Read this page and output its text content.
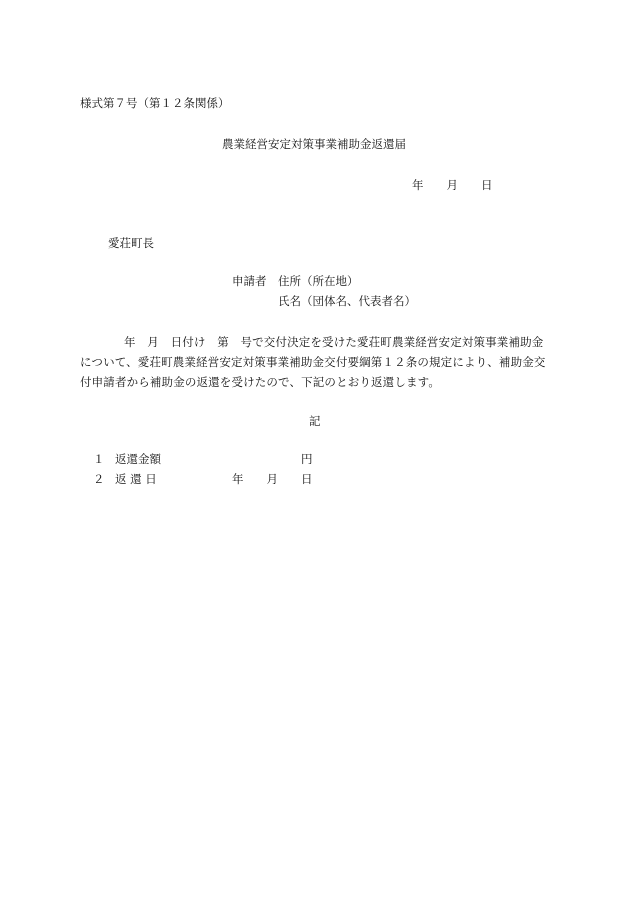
様式第７号（第１２条関係）
農業経営安定対策事業補助金返還届
年　　月　　日
愛荘町長
申請者 住所（所在地）
氏名（団体名、代表者名）
年　月　日付け　第　号で交付決定を受けた愛荘町農業経営安定対策事業補助金
について、愛荘町農業経営安定対策事業補助金交付要綱第１２条の規定により、補助金交
付申請者から補助金の返還を受けたので、下記のとおり返還します。
記
１ 返還金額	円
２ 返 還 日	年　　月　　日
